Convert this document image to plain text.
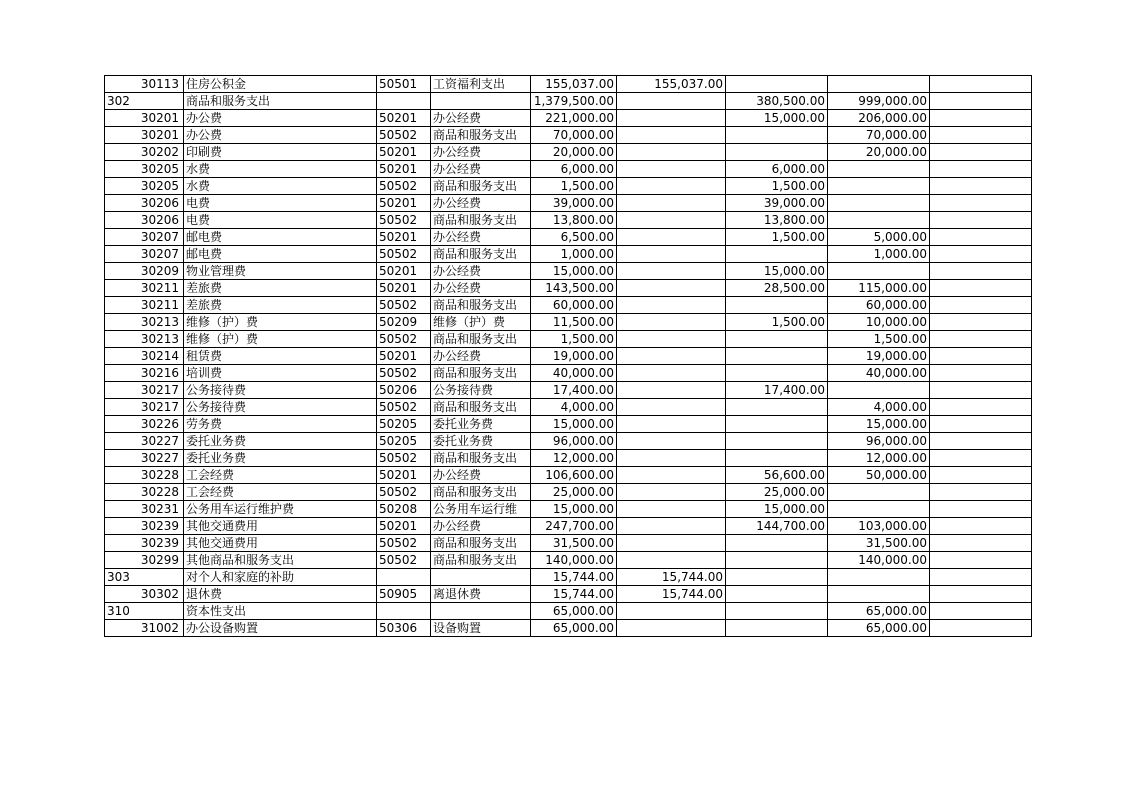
30113	住房公积金	50501	工资福利支出	155,037.00	155,037.00			
302	商品和服务支出			1,379,500.00		380,500.00	999,000.00	
30201	办公费	50201	办公经费	221,000.00		15,000.00	206,000.00	
30201	办公费	50502	商品和服务支出	70,000.00			70,000.00	
30202	印刷费	50201	办公经费	20,000.00			20,000.00	
30205	水费	50201	办公经费	6,000.00		6,000.00		
30205	水费	50502	商品和服务支出	1,500.00		1,500.00		
30206	电费	50201	办公经费	39,000.00		39,000.00		
30206	电费	50502	商品和服务支出	13,800.00		13,800.00		
30207	邮电费	50201	办公经费	6,500.00		1,500.00	5,000.00	
30207	邮电费	50502	商品和服务支出	1,000.00			1,000.00	
30209	物业管理费	50201	办公经费	15,000.00		15,000.00		
30211	差旅费	50201	办公经费	143,500.00		28,500.00	115,000.00	
30211	差旅费	50502	商品和服务支出	60,000.00			60,000.00	
30213	维修（护）费	50209	维修（护）费	11,500.00		1,500.00	10,000.00	
30213	维修（护）费	50502	商品和服务支出	1,500.00			1,500.00	
30214	租赁费	50201	办公经费	19,000.00			19,000.00	
30216	培训费	50502	商品和服务支出	40,000.00			40,000.00	
30217	公务接待费	50206	公务接待费	17,400.00		17,400.00		
30217	公务接待费	50502	商品和服务支出	4,000.00			4,000.00	
30226	劳务费	50205	委托业务费	15,000.00			15,000.00	
30227	委托业务费	50205	委托业务费	96,000.00			96,000.00	
30227	委托业务费	50502	商品和服务支出	12,000.00			12,000.00	
30228	工会经费	50201	办公经费	106,600.00		56,600.00	50,000.00	
30228	工会经费	50502	商品和服务支出	25,000.00		25,000.00		
30231	公务用车运行维护费	50208	公务用车运行维	15,000.00		15,000.00		
30239	其他交通费用	50201	办公经费	247,700.00		144,700.00	103,000.00	
30239	其他交通费用	50502	商品和服务支出	31,500.00			31,500.00	
30299	其他商品和服务支出	50502	商品和服务支出	140,000.00			140,000.00	
303	对个人和家庭的补助			15,744.00	15,744.00			
30302	退休费	50905	离退休费	15,744.00	15,744.00			
310	资本性支出			65,000.00			65,000.00	
31002	办公设备购置	50306	设备购置	65,000.00			65,000.00	
